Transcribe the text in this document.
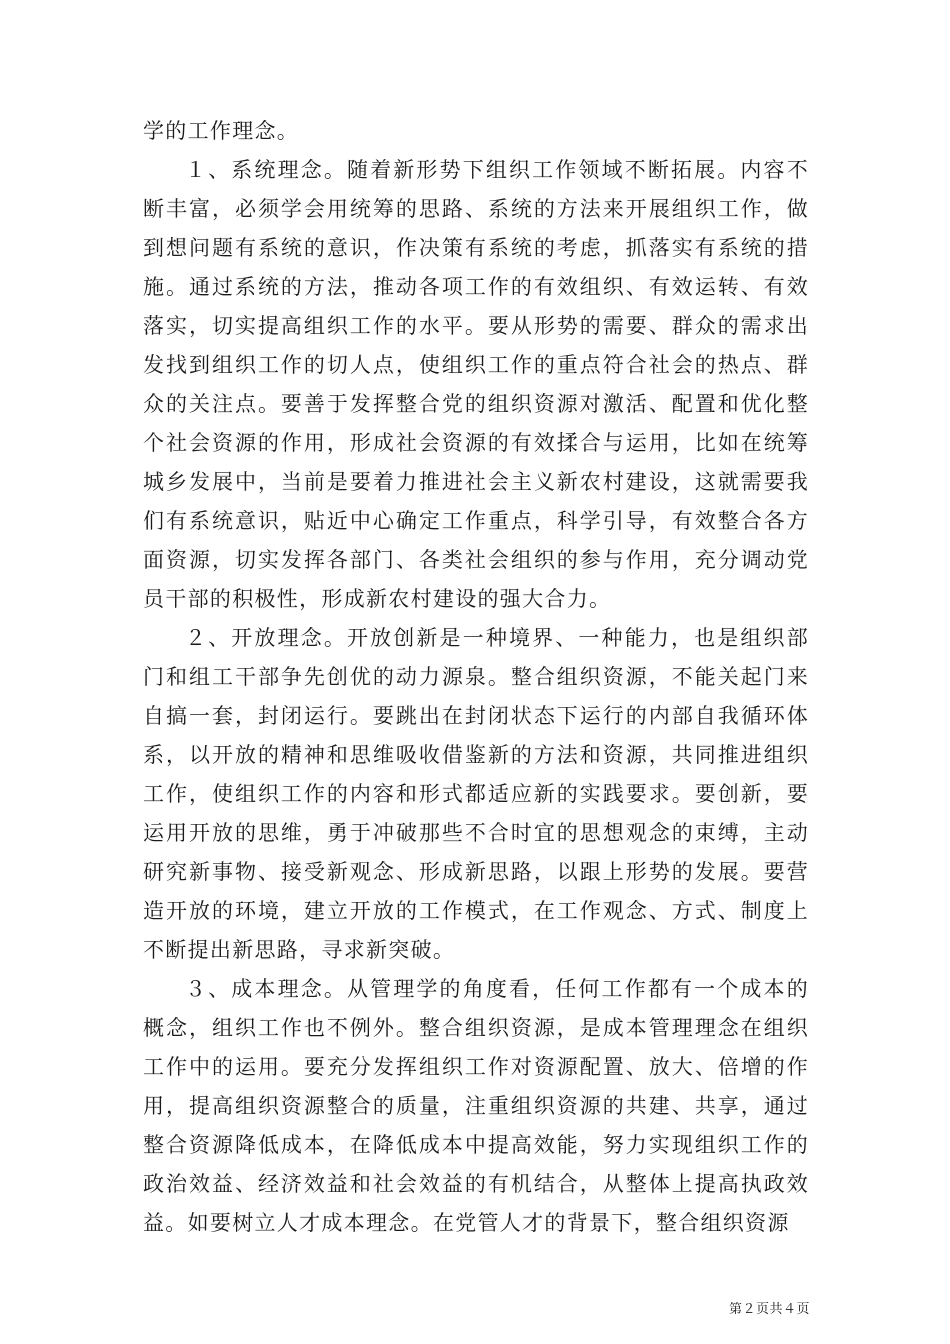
学的工作理念。

１、系统理念。随着新形势下组织工作领域不断拓展。内容不断丰富，必须学会用统筹的思路、系统的方法来开展组织工作，做到想问题有系统的意识，作决策有系统的考虑，抓落实有系统的措施。通过系统的方法，推动各项工作的有效组织、有效运转、有效落实，切实提高组织工作的水平。要从形势的需要、群众的需求出发找到组织工作的切人点，使组织工作的重点符合社会的热点、群众的关注点。要善于发挥整合党的组织资源对激活、配置和优化整个社会资源的作用，形成社会资源的有效揉合与运用，比如在统筹城乡发展中，当前是要着力推进社会主义新农村建设，这就需要我们有系统意识，贴近中心确定工作重点，科学引导，有效整合各方面资源，切实发挥各部门、各类社会组织的参与作用，充分调动党员干部的积极性，形成新农村建设的强大合力。

２、开放理念。开放创新是一种境界、一种能力，也是组织部门和组工干部争先创优的动力源泉。整合组织资源，不能关起门来自搞一套，封闭运行。要跳出在封闭状态下运行的内部自我循环体系，以开放的精神和思维吸收借鉴新的方法和资源，共同推进组织工作，使组织工作的内容和形式都适应新的实践要求。要创新，要运用开放的思维，勇于冲破那些不合时宜的思想观念的束缚，主动研究新事物、接受新观念、形成新思路，以跟上形势的发展。要营造开放的环境，建立开放的工作模式，在工作观念、方式、制度上不断提出新思路，寻求新突破。

３、成本理念。从管理学的角度看，任何工作都有一个成本的概念，组织工作也不例外。整合组织资源，是成本管理理念在组织工作中的运用。要充分发挥组织工作对资源配置、放大、倍增的作用，提高组织资源整合的质量，注重组织资源的共建、共享，通过整合资源降低成本，在降低成本中提高效能，努力实现组织工作的政治效益、经济效益和社会效益的有机结合，从整体上提高执政效益。如要树立人才成本理念。在党管人才的背景下，整合组织资源

第２页共４页
